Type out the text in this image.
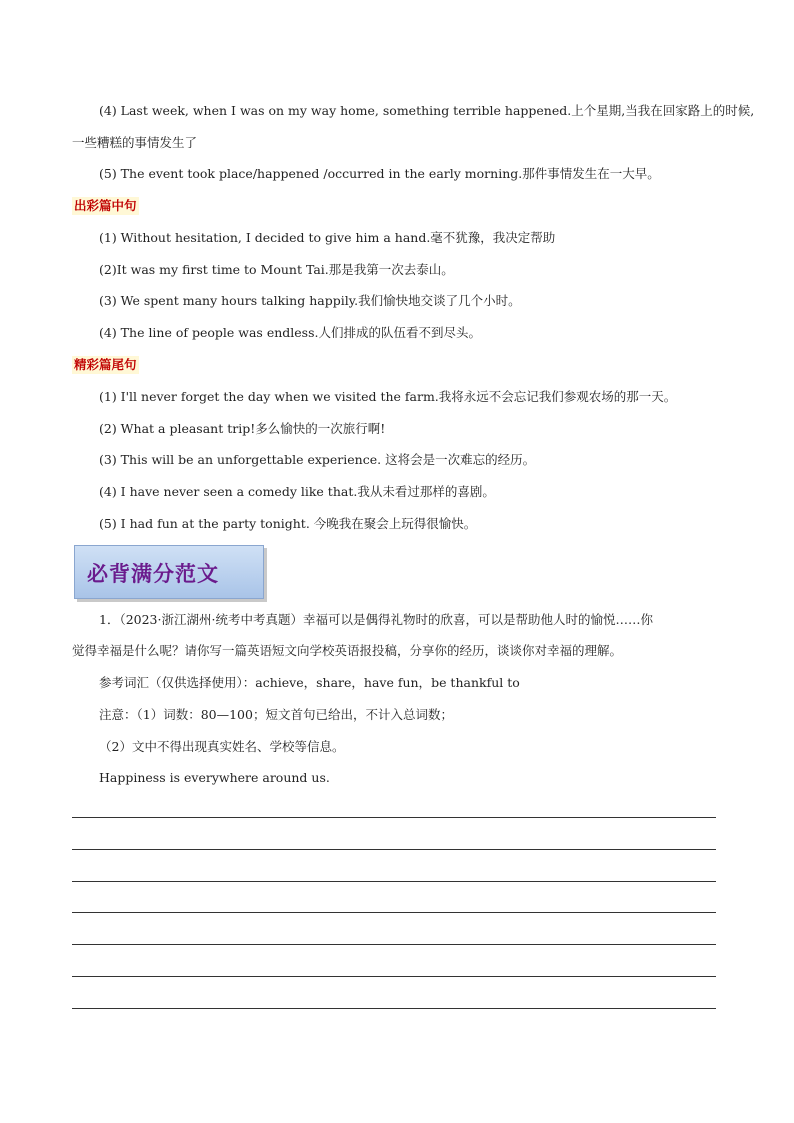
(4) Last week, when I was on my way home, something terrible happened.上个星期,当我在回家路上的时候,
一些糟糕的事情发生了
(5) The event took place/happened /occurred in the early morning.那件事情发生在一大早。
出彩篇中句
(1) Without hesitation, I decided to give him a hand.毫不犹豫，我决定帮助
(2)It was my first time to Mount Tai.那是我第一次去泰山。
(3) We spent many hours talking happily.我们愉快地交谈了几个小时。
(4) The line of people was endless.人们排成的队伍看不到尽头。
精彩篇尾句
(1) I'll never forget the day when we visited the farm.我将永远不会忘记我们参观农场的那一天。
(2) What a pleasant trip!多么愉快的一次旅行啊!
(3) This will be an unforgettable experience. 这将会是一次难忘的经历。
(4) I have never seen a comedy like that.我从未看过那样的喜剧。
(5) I had fun at the party tonight. 今晚我在聚会上玩得很愉快。
必背满分范文
1．（2023·浙江湖州·统考中考真题）幸福可以是偶得礼物时的欣喜，可以是帮助他人时的愉悦……你
觉得幸福是什么呢？请你写一篇英语短文向学校英语报投稿，分享你的经历，谈谈你对幸福的理解。
参考词汇（仅供选择使用）：achieve，share，have fun，be thankful to
注意：（1）词数：80—100；短文首句已给出，不计入总词数；
（2）文中不得出现真实姓名、学校等信息。
Happiness is everywhere around us.
